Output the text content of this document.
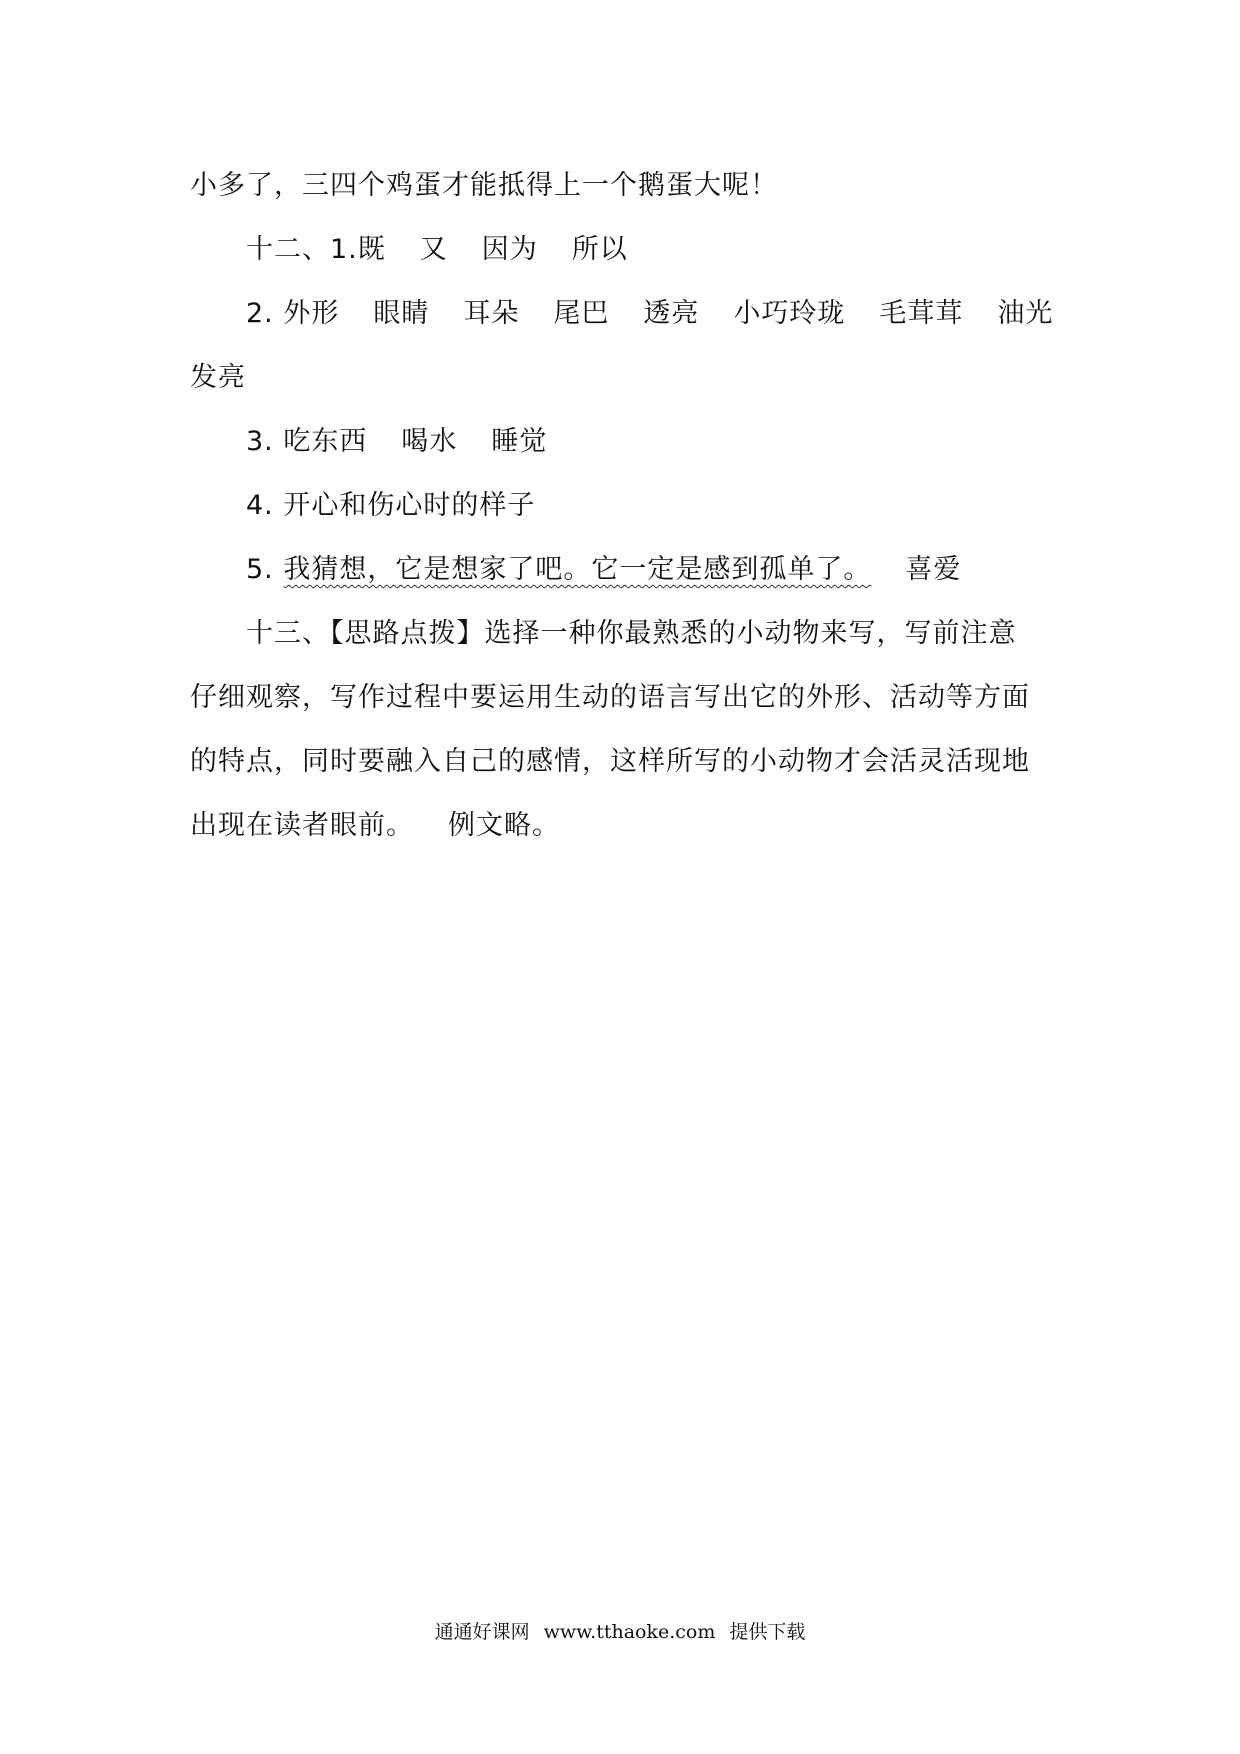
小多了，三四个鸡蛋才能抵得上一个鹅蛋大呢！
十二、1.既 又 因为 所以
2. 外形 眼睛 耳朵 尾巴 透亮 小巧玲珑 毛茸茸 油光
发亮
3. 吃东西 喝水 睡觉
4. 开心和伤心时的样子
5. 我猜想，它是想家了吧。它一定是感到孤单了。 喜爱
十三、【思路点拨】选择一种你最熟悉的小动物来写，写前注意
仔细观察，写作过程中要运用生动的语言写出它的外形、活动等方面
的特点，同时要融入自己的感情，这样所写的小动物才会活灵活现地
出现在读者眼前。 例文略。
通通好课网 www.tthaoke.com 提供下载
